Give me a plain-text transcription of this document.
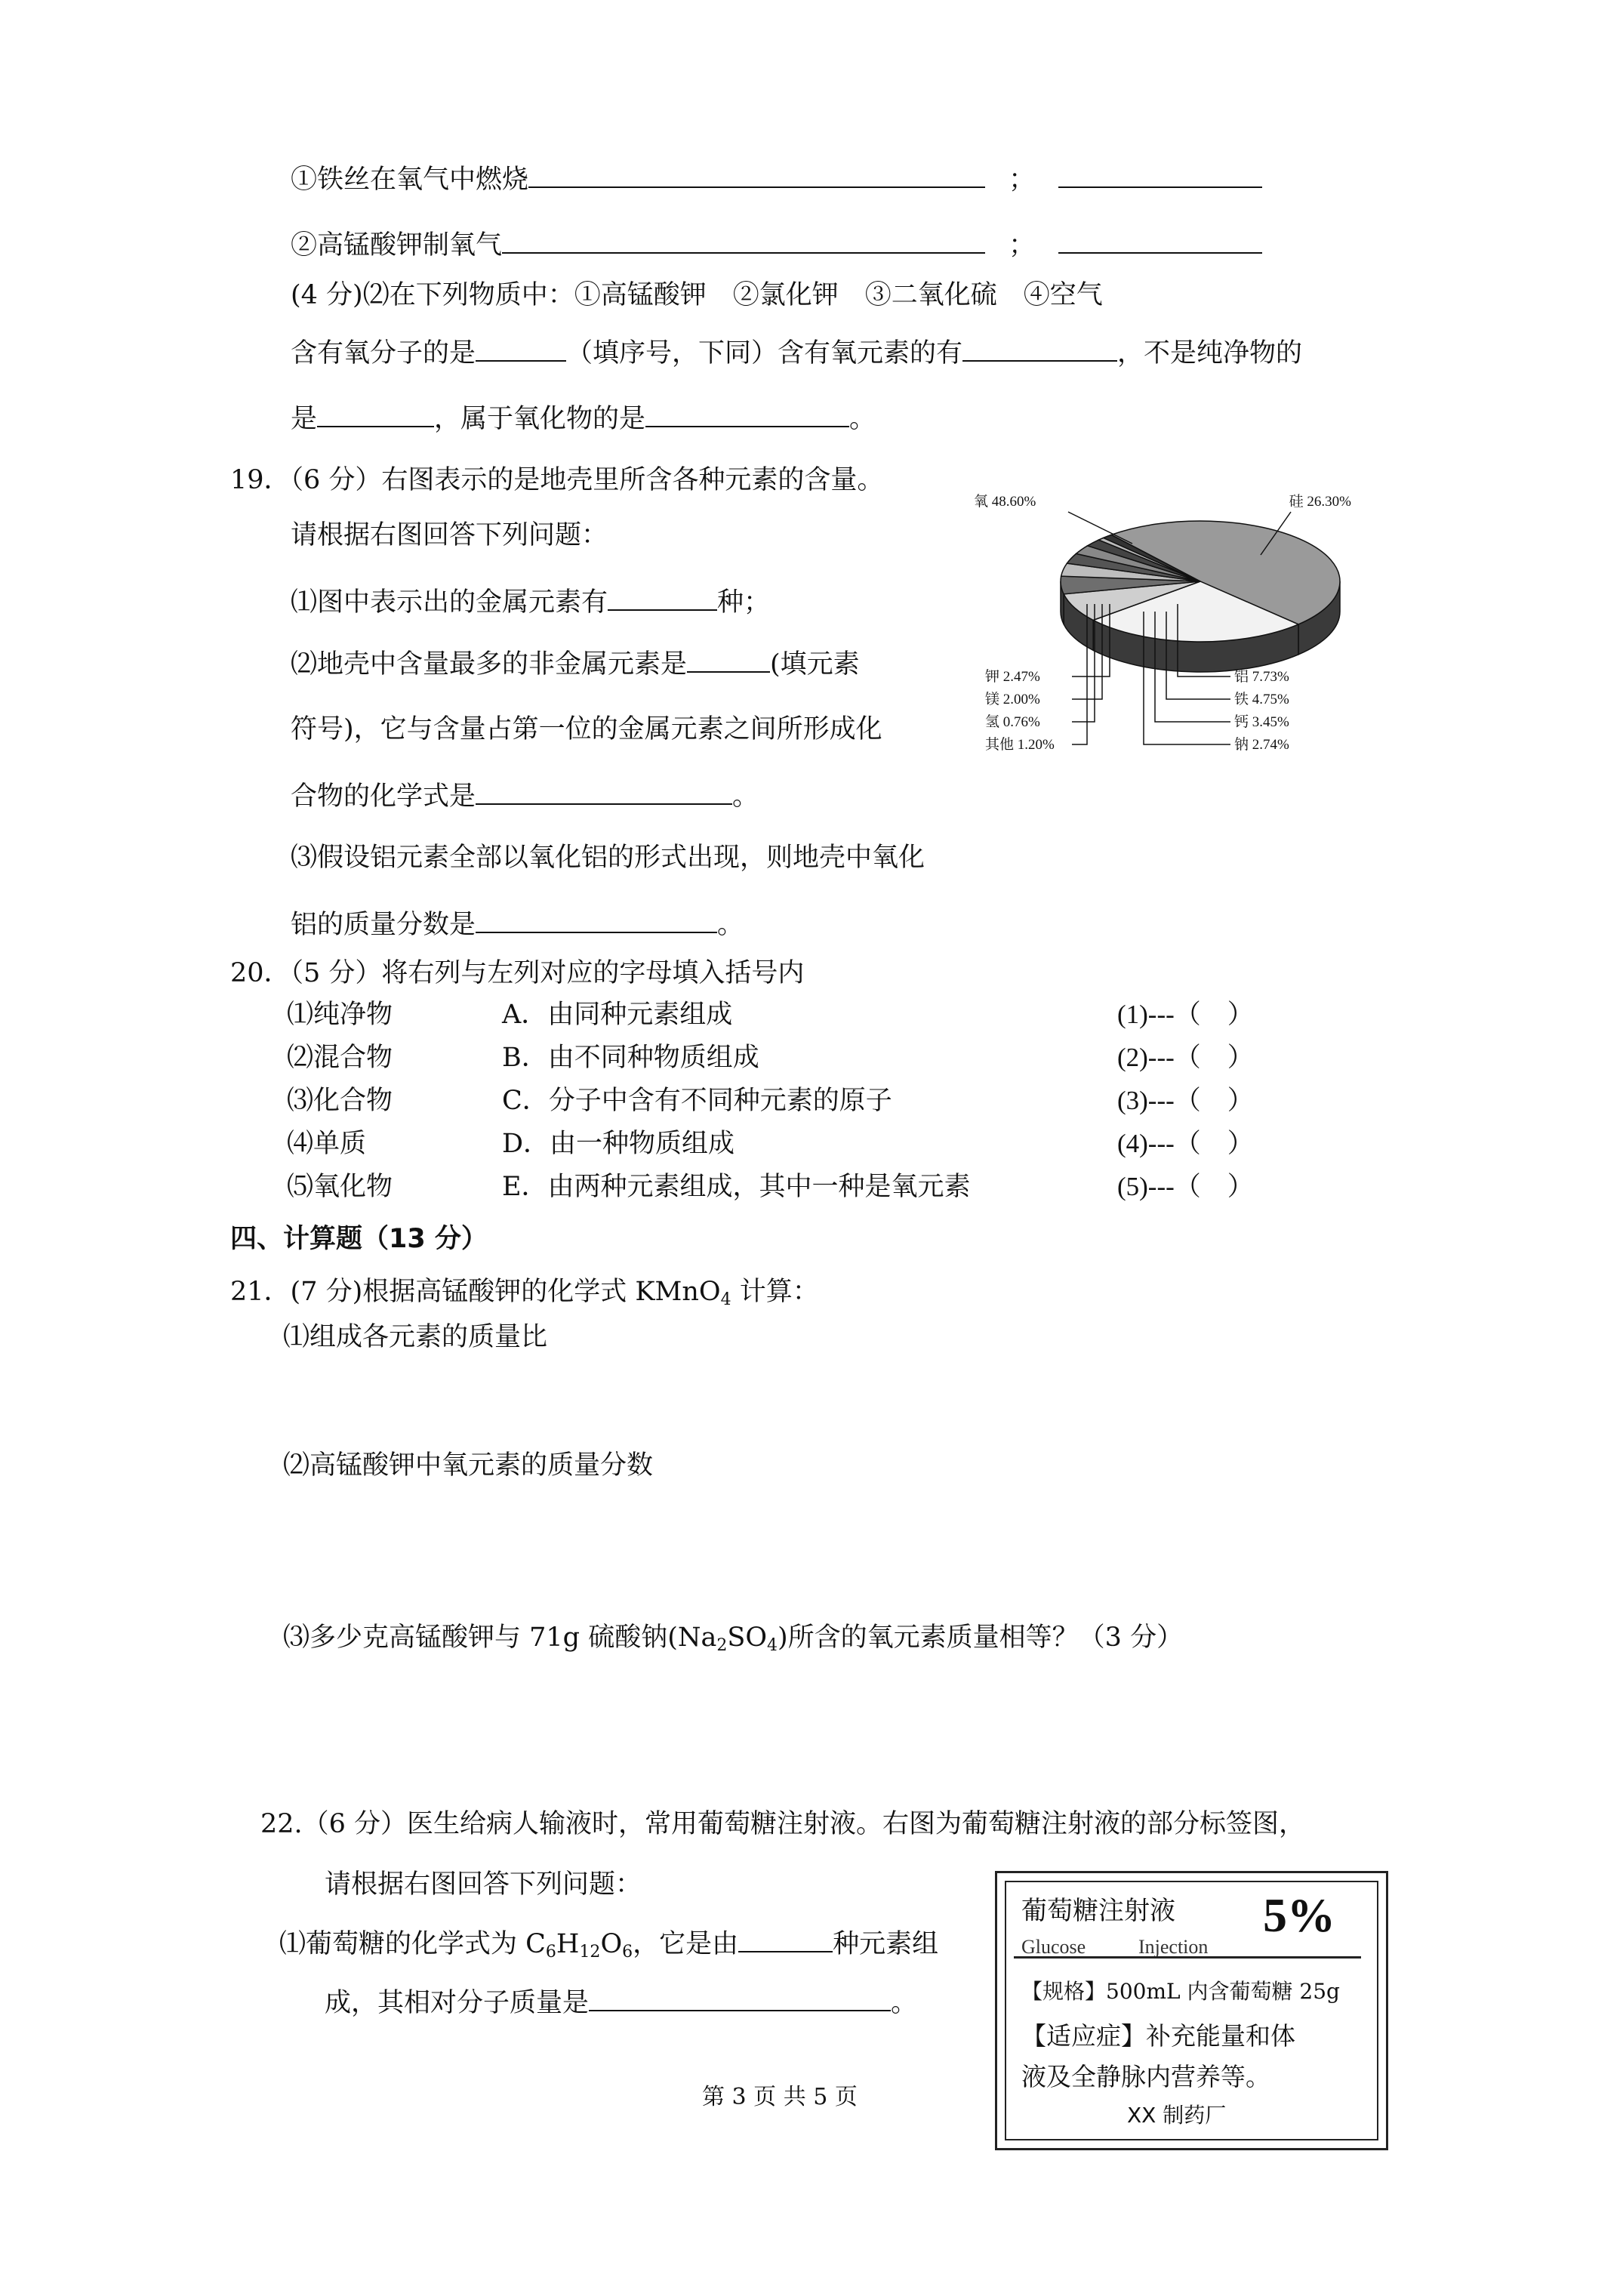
①铁丝在氧气中燃烧	；
②高锰酸钾制氧气	；
(4 分)⑵在下列物质中：①高锰酸钾　②氯化钾　③二氧化硫　④空气
含有氧分子的是	（填序号，下同）含有氧元素的有	，不是纯净物的
是	，属于氧化物的是	。
19．（6 分）右图表示的是地壳里所含各种元素的含量。
请根据右图回答下列问题：
⑴图中表示出的金属元素有	种；
⑵地壳中含量最多的非金属元素是	(填元素
符号)，它与含量占第一位的金属元素之间所形成化
合物的化学式是	。
⑶假设铝元素全部以氧化铝的形式出现，则地壳中氧化
铝的质量分数是	。
氧 48.60%	硅 26.30%
铝 7.73%
铁 4.75%
钙 3.45%
钠 2.74%
钾 2.47%
镁 2.00%
氢 0.76%
其他 1.20%
20．（5 分）将右列与左列对应的字母填入括号内
⑴纯净物	A．由同种元素组成	(1)---（　）
⑵混合物	B．由不同种物质组成	(2)---（　）
⑶化合物	C．分子中含有不同种元素的原子	(3)---（　）
⑷单质	D．由一种物质组成	(4)---（　）
⑸氧化物	E．由两种元素组成，其中一种是氧元素	(5)---（　）
四、计算题（13 分）
21．(7 分)根据高锰酸钾的化学式 KMnO$_4$ 计算：
⑴组成各元素的质量比
⑵高锰酸钾中氧元素的质量分数
⑶多少克高锰酸钾与 71g 硫酸钠$(Na_2SO_4)$所含的氧元素质量相等？（3 分）
22.（6 分）医生给病人输液时，常用葡萄糖注射液。右图为葡萄糖注射液的部分标签图，
请根据右图回答下列问题：
⑴葡萄糖的化学式为 $C_6H_{12}O_6$，它是由	种元素组
成，其相对分子质量是	。
葡萄糖注射液 5%
Glucose	Injection
【规格】500mL 内含葡萄糖 25g
【适应症】补充能量和体
液及全静脉内营养等。
XX 制药厂
第 3 页 共 5 页
